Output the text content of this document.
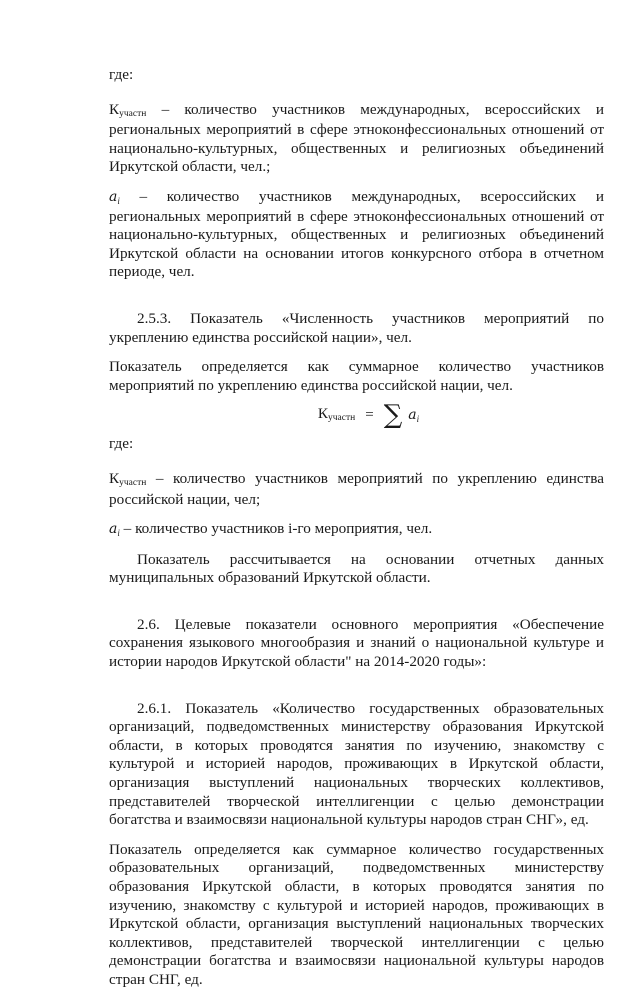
где:

Кучастн – количество участников международных, всероссийских и региональных мероприятий в сфере этноконфессиональных отношений от национально-культурных, общественных и религиозных объединений Иркутской области, чел.;

ai – количество участников международных, всероссийских и региональных мероприятий в сфере этноконфессиональных отношений от национально-культурных, общественных и религиозных объединений Иркутской области на основании итогов конкурсного отбора в отчетном периоде, чел.

2.5.3. Показатель «Численность участников мероприятий по укреплению единства российской нации», чел.

Показатель определяется как суммарное количество участников мероприятий по укреплению единства российской нации, чел.

Кучастн = ∑ ai

где:

Кучастн – количество участников мероприятий по укреплению единства российской нации, чел;

ai – количество участников i-го мероприятия, чел.

Показатель рассчитывается на основании отчетных данных муниципальных образований Иркутской области.

2.6. Целевые показатели основного мероприятия «Обеспечение сохранения языкового многообразия и знаний о национальной культуре и истории народов Иркутской области" на 2014-2020 годы»:

2.6.1. Показатель «Количество государственных образовательных организаций, подведомственных министерству образования Иркутской области, в которых проводятся занятия по изучению, знакомству с культурой и историей народов, проживающих в Иркутской области, организация выступлений национальных творческих коллективов, представителей творческой интеллигенции с целью демонстрации богатства и взаимосвязи национальной культуры народов стран СНГ», ед.

Показатель определяется как суммарное количество государственных образовательных организаций, подведомственных министерству образования Иркутской области, в которых проводятся занятия по изучению, знакомству с культурой и историей народов, проживающих в Иркутской области, организация выступлений национальных творческих коллективов, представителей творческой интеллигенции с целью демонстрации богатства и взаимосвязи национальной культуры народов стран СНГ, ед.
